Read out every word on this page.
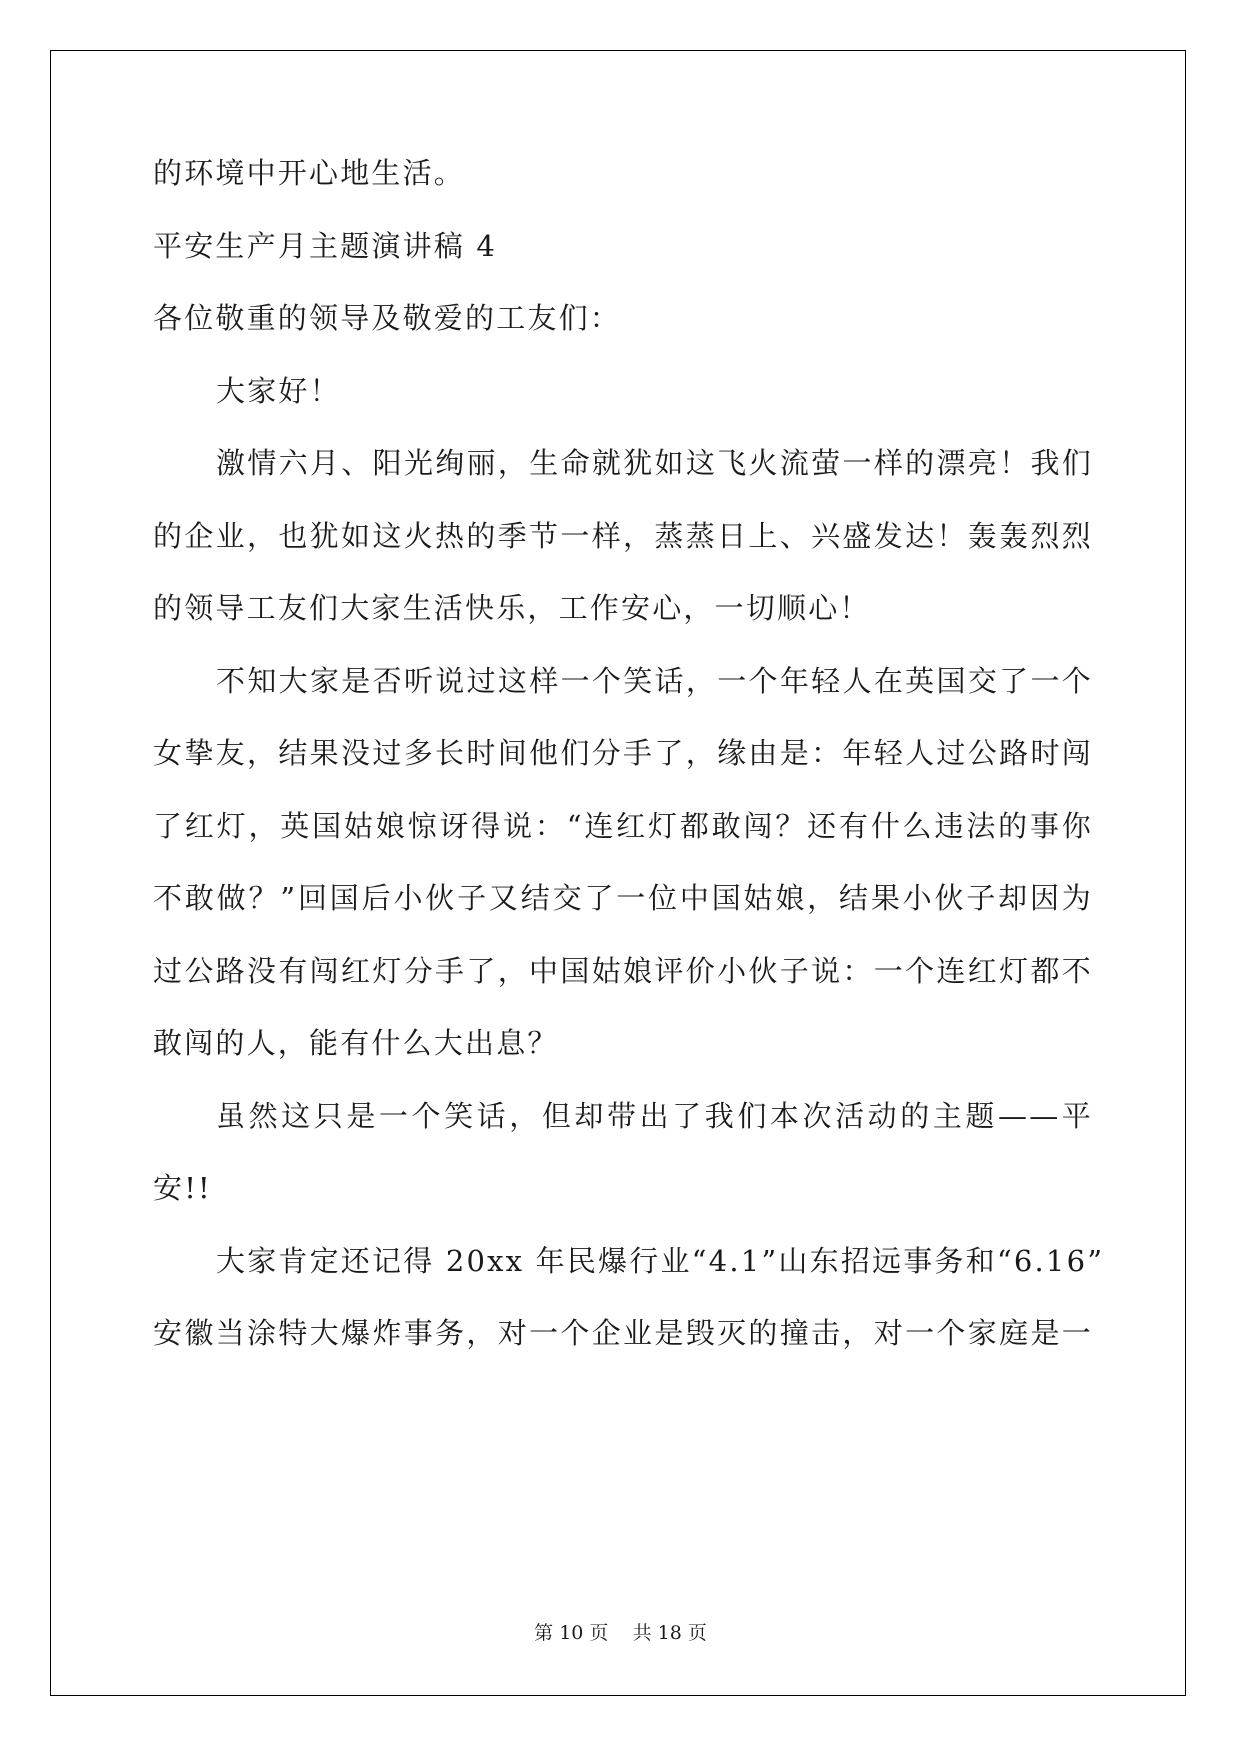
的环境中开心地生活。
平安生产月主题演讲稿 4
各位敬重的领导及敬爱的工友们：
大家好！
激情六月、阳光绚丽，生命就犹如这飞火流萤一样的漂亮！我们
的企业，也犹如这火热的季节一样，蒸蒸日上、兴盛发达！轰轰烈烈
的领导工友们大家生活快乐，工作安心，一切顺心！
不知大家是否听说过这样一个笑话，一个年轻人在英国交了一个
女挚友，结果没过多长时间他们分手了，缘由是：年轻人过公路时闯
了红灯，英国姑娘惊讶得说：“连红灯都敢闯？还有什么违法的事你
不敢做？”回国后小伙子又结交了一位中国姑娘，结果小伙子却因为
过公路没有闯红灯分手了，中国姑娘评价小伙子说：一个连红灯都不
敢闯的人，能有什么大出息？
虽然这只是一个笑话，但却带出了我们本次活动的主题——平
安!!
大家肯定还记得 20xx 年民爆行业“4.1”山东招远事务和“6.16”
安徽当涂特大爆炸事务，对一个企业是毁灭的撞击，对一个家庭是一
第 10 页    共 18 页
